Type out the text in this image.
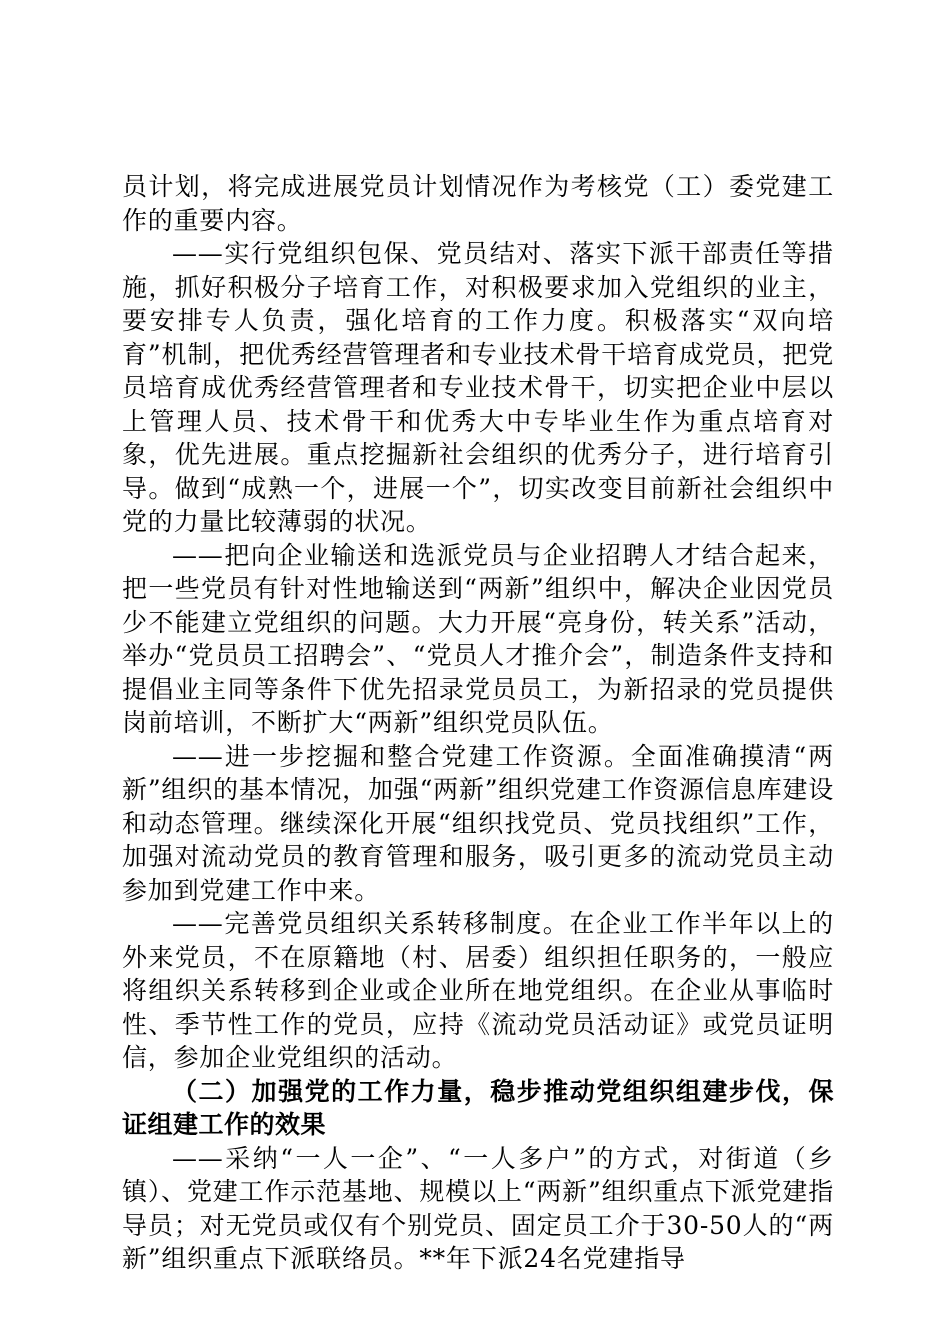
员计划，将完成进展党员计划情况作为考核党（工）委党建工作的重要内容。

——实行党组织包保、党员结对、落实下派干部责任等措施，抓好积极分子培育工作，对积极要求加入党组织的业主，要安排专人负责，强化培育的工作力度。积极落实“双向培育”机制，把优秀经营管理者和专业技术骨干培育成党员，把党员培育成优秀经营管理者和专业技术骨干，切实把企业中层以上管理人员、技术骨干和优秀大中专毕业生作为重点培育对象，优先进展。重点挖掘新社会组织的优秀分子，进行培育引导。做到“成熟一个，进展一个”，切实改变目前新社会组织中党的力量比较薄弱的状况。

——把向企业输送和选派党员与企业招聘人才结合起来，把一些党员有针对性地输送到“两新”组织中，解决企业因党员少不能建立党组织的问题。大力开展“亮身份，转关系”活动，举办“党员员工招聘会”、“党员人才推介会”，制造条件支持和提倡业主同等条件下优先招录党员员工，为新招录的党员提供岗前培训，不断扩大“两新”组织党员队伍。

——进一步挖掘和整合党建工作资源。全面准确摸清“两新”组织的基本情况，加强“两新”组织党建工作资源信息库建设和动态管理。继续深化开展“组织找党员、党员找组织”工作，加强对流动党员的教育管理和服务，吸引更多的流动党员主动参加到党建工作中来。

——完善党员组织关系转移制度。在企业工作半年以上的外来党员，不在原籍地（村、居委）组织担任职务的，一般应将组织关系转移到企业或企业所在地党组织。在企业从事临时性、季节性工作的党员，应持《流动党员活动证》或党员证明信，参加企业党组织的活动。

（二）加强党的工作力量，稳步推动党组织组建步伐，保证组建工作的效果

——采纳“一人一企”、“一人多户”的方式，对街道（乡镇）、党建工作示范基地、规模以上“两新”组织重点下派党建指导员；对无党员或仅有个别党员、固定员工介于30-50人的“两新”组织重点下派联络员。**年下派24名党建指导
